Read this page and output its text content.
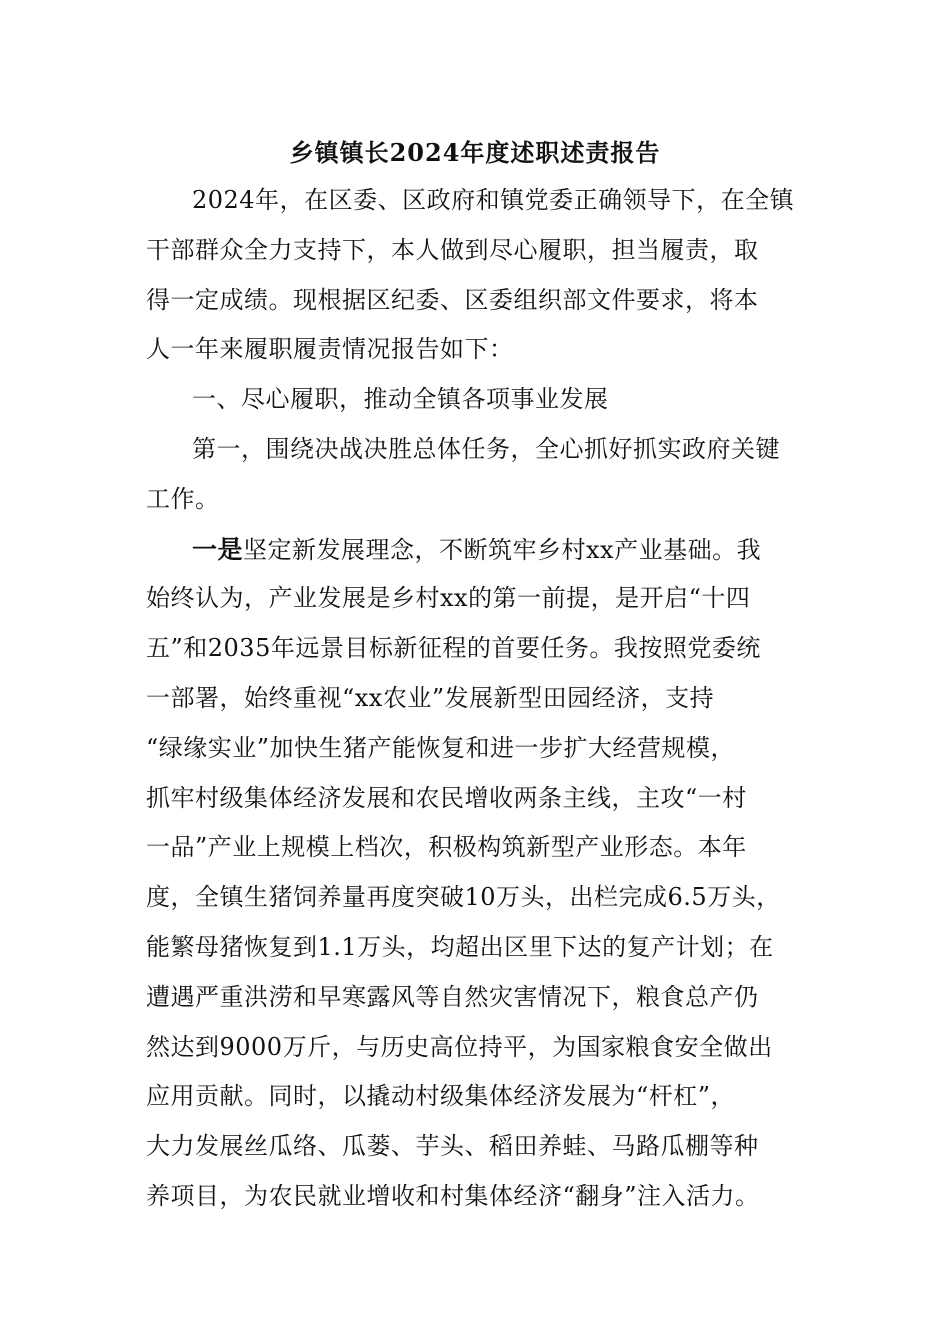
乡镇镇长2024年度述职述责报告
2024年，在区委、区政府和镇党委正确领导下，在全镇
干部群众全力支持下，本人做到尽心履职，担当履责，取
得一定成绩。现根据区纪委、区委组织部文件要求，将本
人一年来履职履责情况报告如下：
一、尽心履职，推动全镇各项事业发展
第一，围绕决战决胜总体任务，全心抓好抓实政府关键
工作。
一是坚定新发展理念，不断筑牢乡村xx产业基础。我
始终认为，产业发展是乡村xx的第一前提，是开启“十四
五”和2035年远景目标新征程的首要任务。我按照党委统
一部署，始终重视“xx农业”发展新型田园经济，支持
“绿缘实业”加快生猪产能恢复和进一步扩大经营规模，
抓牢村级集体经济发展和农民增收两条主线，主攻“一村
一品”产业上规模上档次，积极构筑新型产业形态。本年
度，全镇生猪饲养量再度突破10万头，出栏完成6.5万头，
能繁母猪恢复到1.1万头，均超出区里下达的复产计划；在
遭遇严重洪涝和早寒露风等自然灾害情况下，粮食总产仍
然达到9000万斤，与历史高位持平，为国家粮食安全做出
应用贡献。同时，以撬动村级集体经济发展为“杆杠”，
大力发展丝瓜络、瓜蒌、芋头、稻田养蛙、马路瓜棚等种
养项目，为农民就业增收和村集体经济“翻身”注入活力。
